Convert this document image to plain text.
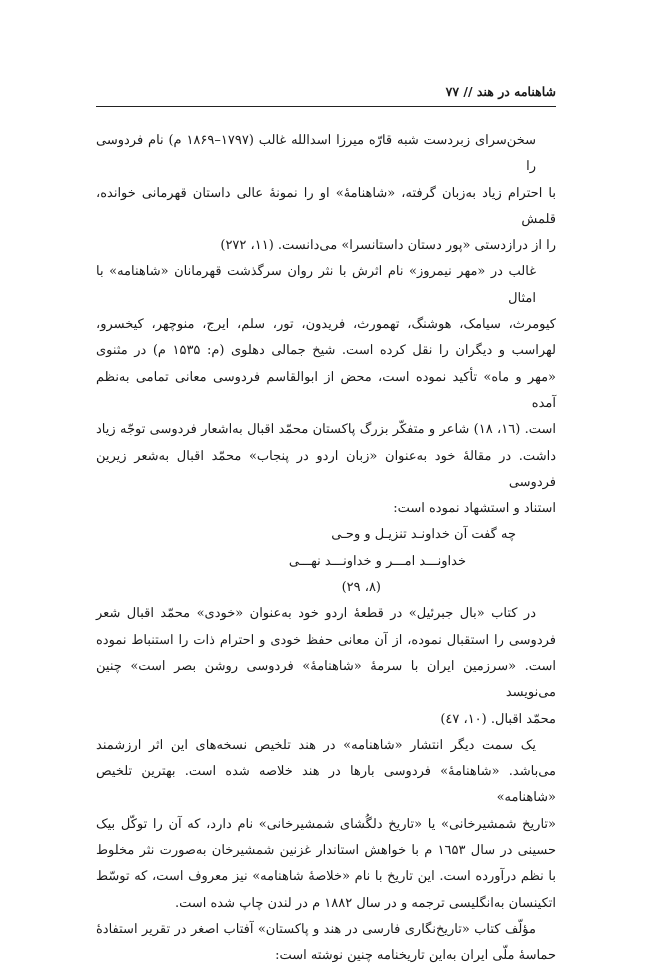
شاهنامه در هند // ۷۷
سخن‌سرای زبردست شبه قارّه میرزا اسدالله غالب (۱۷۹۷–۱۸۶۹ م) نام فردوسی را
با احترام زیاد به‌زبان گرفته، «شاهنامهٔ» او را نمونهٔ عالی داستان قهرمانی خوانده، قلمش
را از درازدستی «پور دستان داستانسرا» می‌دانست. (۱۱، ۲۷۲)
غالب در «مهر نیمروز» نام اثرش با نثر روان سرگذشت قهرمانان «شاهنامه» با امثال
کیومرث، سیامک، هوشنگ، تهمورث، فریدون، تور، سلم، ایرج، منوچهر، کیخسرو،
لهراسب و دیگران را نقل کرده است. شیخ جمالی دهلوی (م: ۱۵۳۵ م) در مثنوی
«مهر و ماه» تأکید نموده است، محض از ابوالقاسم فردوسی معانی تمامی به‌نظم آمده
است. (۱٦، ۱۸) شاعر و متفکّر بزرگ پاکستان محمّد اقبال به‌اشعار فردوسی توجّه زیاد
داشت. در مقالهٔ خود به‌عنوان «زبان اردو در پنجاب» محمّد اقبال به‌شعر زیرین فردوسی
استناد و استشهاد نموده است:
چه گفت آن خداونـد تنزیـل و وحـی
خداونـــد امـــر و خداونـــد نهـــی
(۸، ۲۹)
در کتاب «بال جبرئیل» در قطعهٔ اردو خود به‌عنوان «خودی» محمّد اقبال شعر
فردوسی را استقبال نموده، از آن معانی حفظ خودی و احترام ذات را استنباط نموده
است. «سرزمین ایران با سرمهٔ «شاهنامهٔ» فردوسی روشن بصر است» چنین می‌نویسد
محمّد اقبال. (۱۰، ٤۷)
یک سمت دیگر انتشار «شاهنامه» در هند تلخیص نسخه‌های این اثر ارزشمند
می‌باشد. «شاهنامهٔ» فردوسی بارها در هند خلاصه شده است. بهترین تلخیص «شاهنامه»
«تاریخ شمشیرخانی» یا «تاریخ دلگُشای شمشیرخانی» نام دارد، که آن را توکّل بیک
حسینی در سال ۱٦۵۳ م با خواهش استاندار غزنین شمشیرخان به‌صورت نثر مخلوط
با نظم درآورده است. این تاریخ با نام «خلاصهٔ شاهنامه» نیز معروف است، که توسّط
اتکینسان به‌انگلیسی ترجمه و در سال ۱۸۸۲ م در لندن چاپ شده است.
مؤلّف کتاب «تاریخ‌نگاری فارسی در هند و پاکستان» آفتاب اصغر در تقریر استفادهٔ
حماسهٔ ملّی ایران به‌این تاریخنامه چنین نوشته است:
